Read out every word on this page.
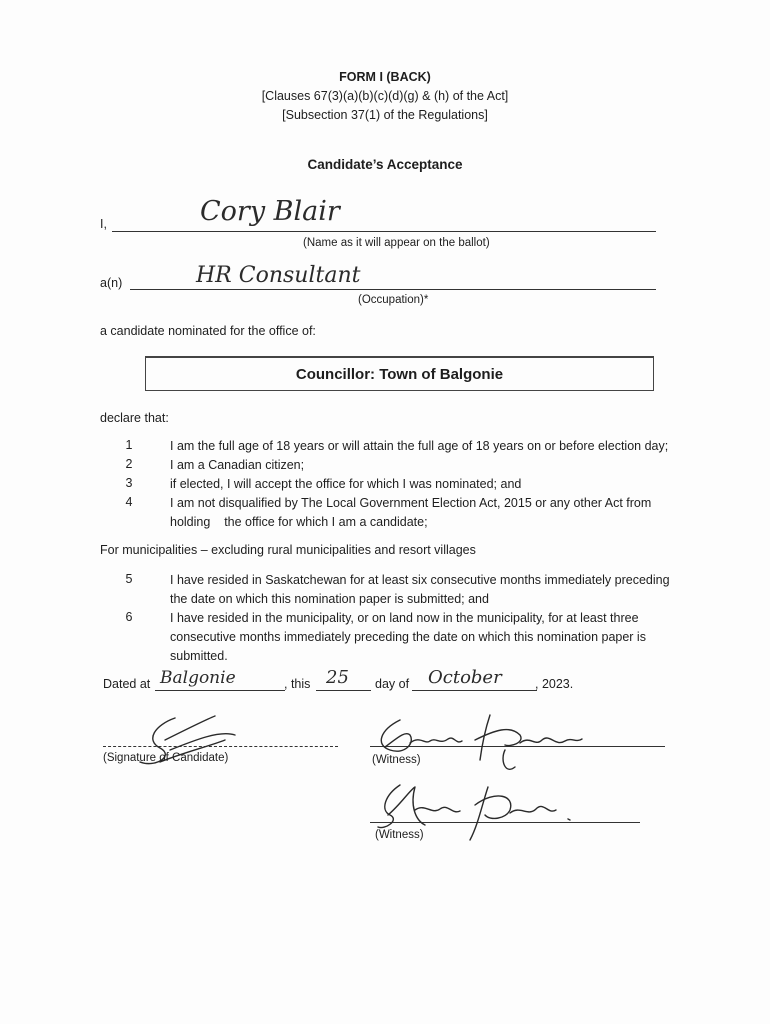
FORM I (BACK)
[Clauses 67(3)(a)(b)(c)(d)(g) & (h) of the Act]
[Subsection 37(1) of the Regulations]
Candidate’s Acceptance
I,	Cory Blair
(Name as it will appear on the ballot)
a(n)	HR Consultant
(Occupation)*
a candidate nominated for the office of:
Councillor: Town of Balgonie
declare that:
1	I am the full age of 18 years or will attain the full age of 18 years on or before election day;
2	I am a Canadian citizen;
3	if elected, I will accept the office for which I was nominated; and
4	I am not disqualified by The Local Government Election Act, 2015 or any other Act from
holding    the office for which I am a candidate;
For municipalities – excluding rural municipalities and resort villages
5	I have resided in Saskatchewan for at least six consecutive months immediately preceding
the date on which this nomination paper is submitted; and
6	I have resided in the municipality, or on land now in the municipality, for at least three
consecutive months immediately preceding the date on which this nomination paper is
submitted.
Dated at Balgonie	, this 25 day of October	, 2023.
(Signature of Candidate)	(Witness)
(Witness)
